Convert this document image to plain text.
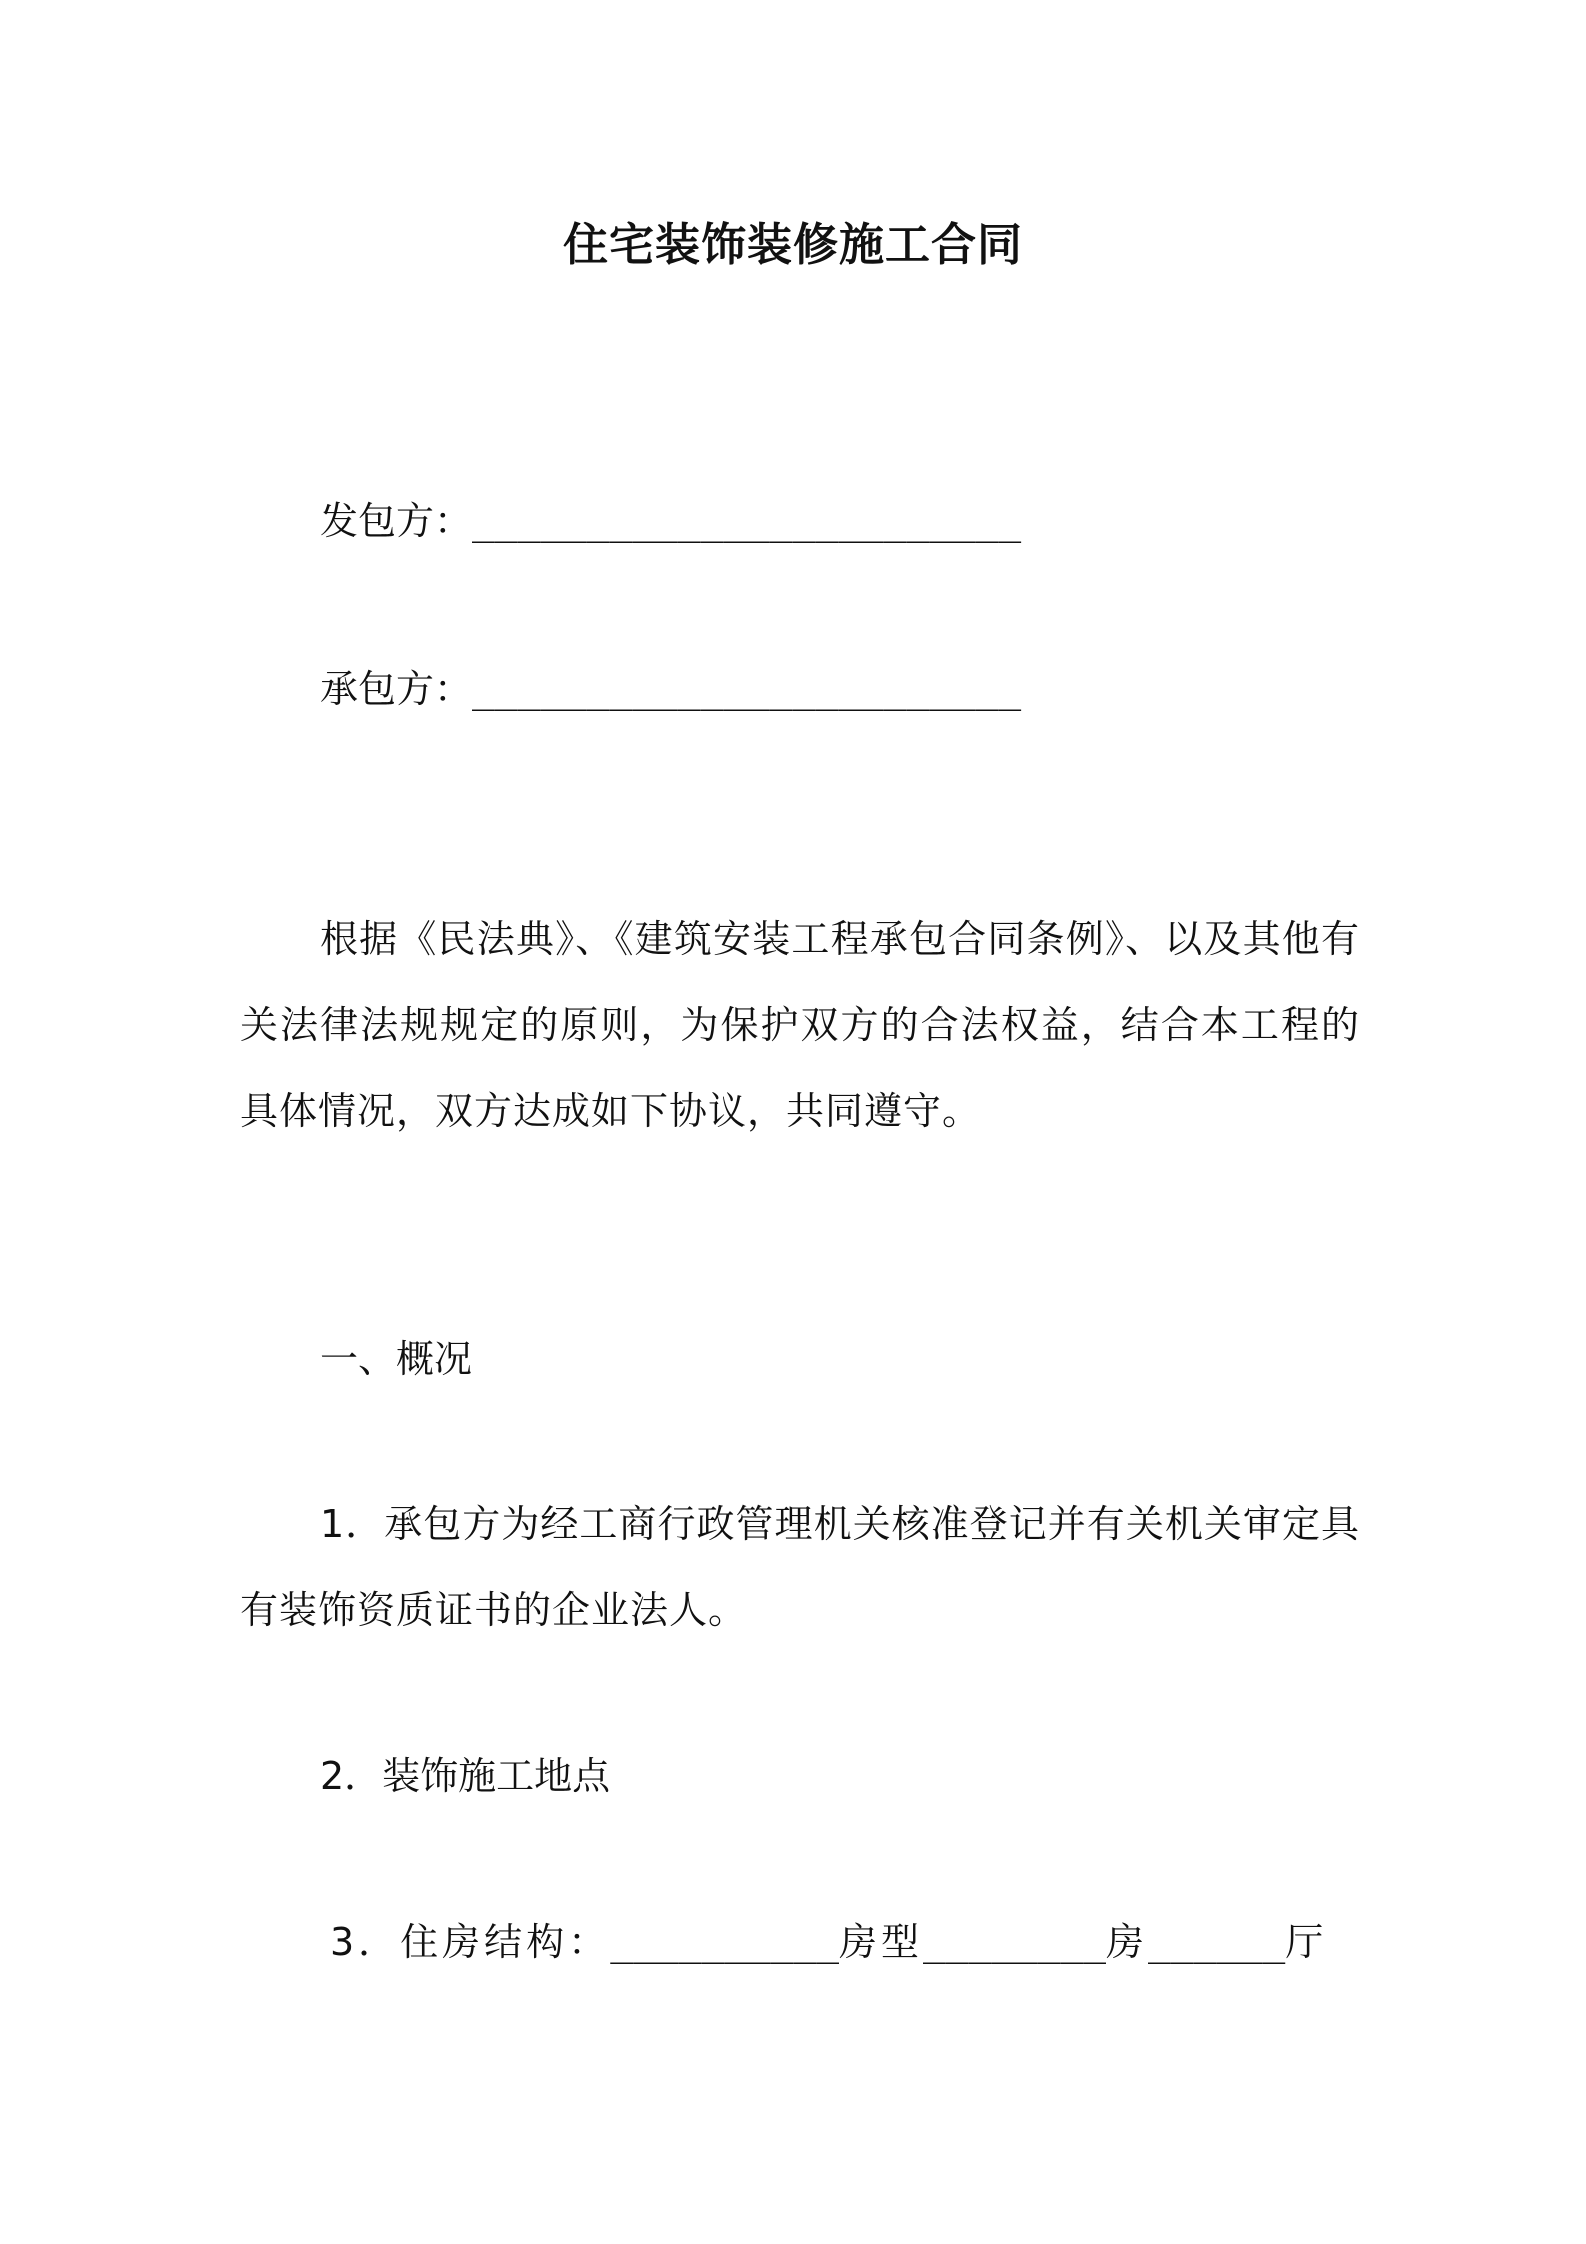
住宅装饰装修施工合同
发包方：________________________
承包方：________________________
根据《民法典》、《建筑安装工程承包合同条例》、以及其他有关法律法规规定的原则，为保护双方的合法权益，结合本工程的具体情况，双方达成如下协议，共同遵守。
一、概况
1．承包方为经工商行政管理机关核准登记并有关机关审定具有装饰资质证书的企业法人。
2．装饰施工地点
3．住房结构：__________房型________房______厅
